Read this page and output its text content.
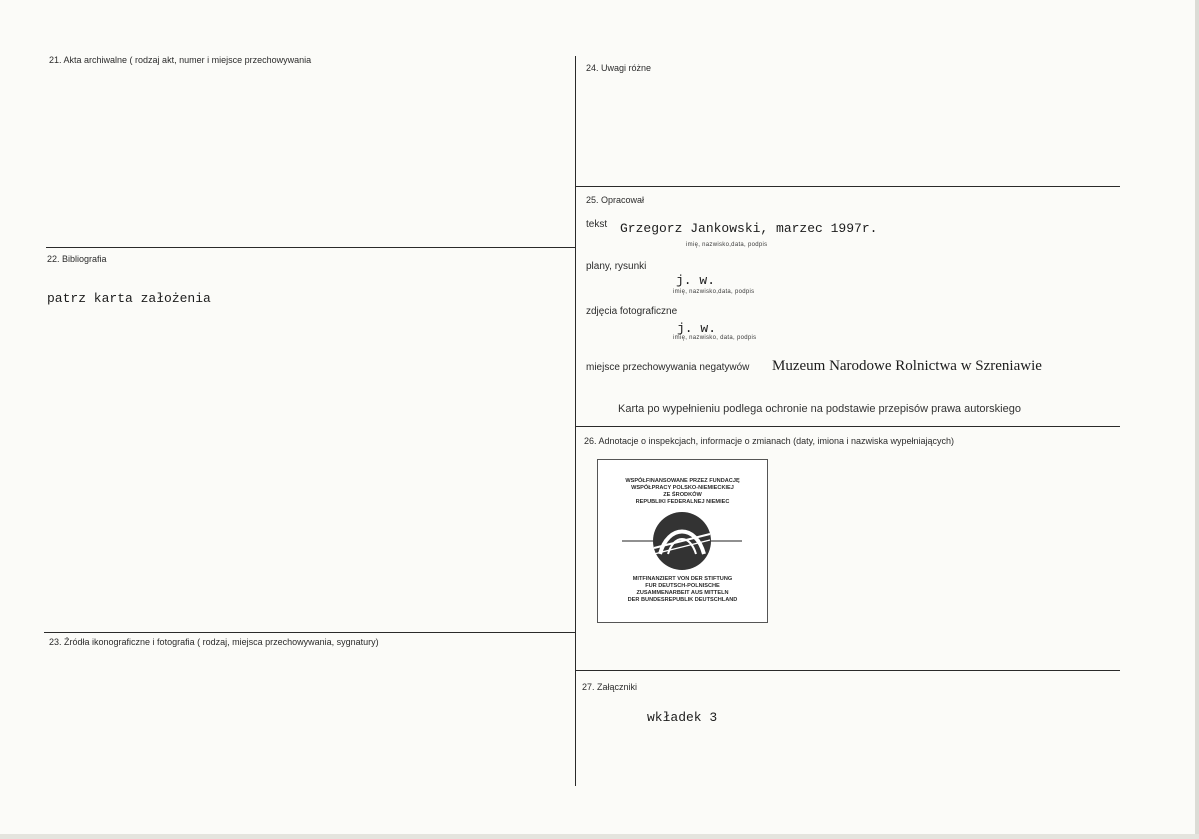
21. Akta archiwalne ( rodzaj akt, numer i miejsce przechowywania
22. Bibliografia
patrz karta założenia
23. Źródła ikonograficzne i fotografia ( rodzaj, miejsca przechowywania, sygnatury)
24. Uwagi różne
25. Opracował
tekst Grzegorz Jankowski, marzec 1997r.
imię, nazwisko,data, podpis
plany, rysunki
j. w.
imię, nazwisko,data, podpis
zdjęcia fotograficzne
j. w.
imię, nazwisko, data, podpis
miejsce przechowywania negatywów Muzeum Narodowe Rolnictwa w Szreniawie
Karta po wypełnieniu podlega ochronie na podstawie przepisów prawa autorskiego
26. Adnotacje o inspekcjach, informacje o zmianach (daty, imiona i nazwiska wypełniających)
WSPÓŁFINANSOWANE PRZEZ FUNDACJĘ
WSPÓŁPRACY POLSKO-NIEMIECKIEJ
ZE ŚRODKÓW
REPUBLIKI FEDERALNEJ NIEMIEC
MITFINANZIERT VON DER STIFTUNG
FUR DEUTSCH-POLNISCHE
ZUSAMMENARBEIT AUS MITTELN
DER BUNDESREPUBLIK DEUTSCHLAND
27. Załączniki
wkładek 3
